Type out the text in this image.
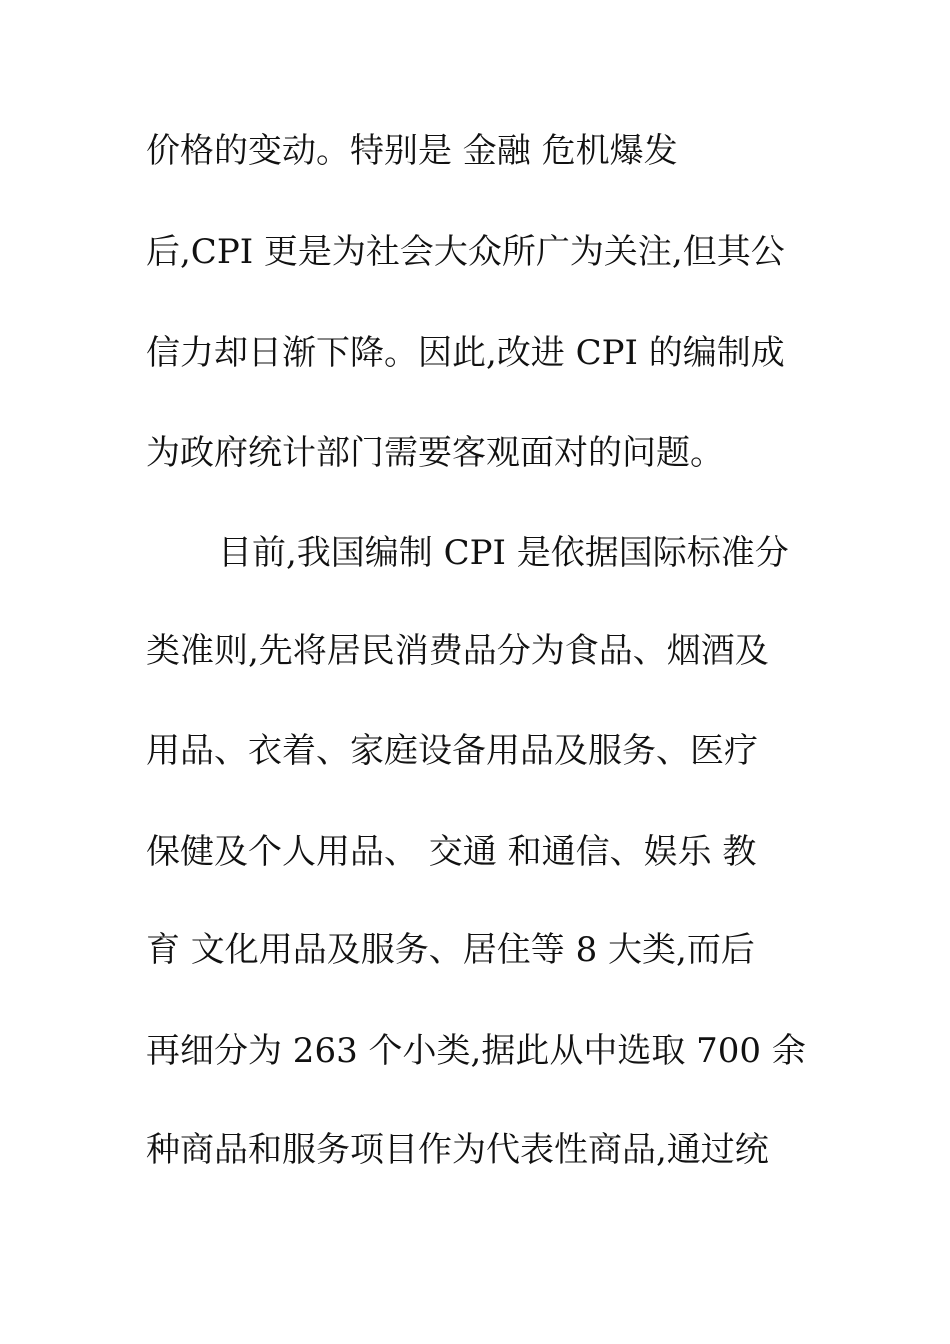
价格的变动。特别是 金融 危机爆发

后,CPI 更是为社会大众所广为关注,但其公

信力却日渐下降。因此,改进 CPI 的编制成

为政府统计部门需要客观面对的问题。

目前,我国编制 CPI 是依据国际标准分

类准则,先将居民消费品分为食品、烟酒及

用品、衣着、家庭设备用品及服务、医疗

保健及个人用品、 交通 和通信、娱乐 教

育 文化用品及服务、居住等 8 大类,而后

再细分为 263 个小类,据此从中选取 700 余

种商品和服务项目作为代表性商品,通过统
